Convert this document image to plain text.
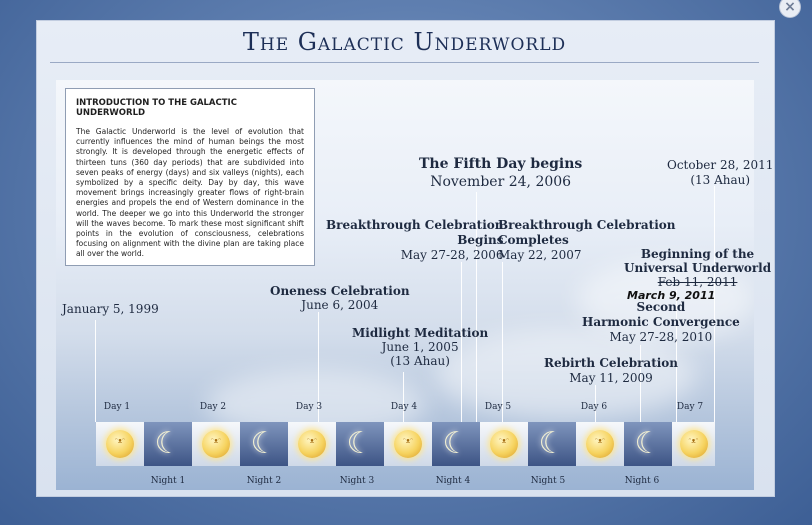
The Galactic Underworld
×
INTRODUCTION TO THE GALACTIC UNDERWORLD
The Galactic Underworld is the level of evolution that currently influences the mind of human beings the most strongly. It is developed through the energetic effects of thirteen tuns (360 day periods) that are subdivided into seven peaks of energy (days) and six valleys (nights), each symbolized by a specific deity. Day by day, this wave movement brings increasingly greater flows of right-brain energies and propels the end of Western dominance in the world. The deeper we go into this Underworld the stronger will the waves become. To mark these most significant shift points in the evolution of consciousness, celebrations focusing on alignment with the divine plan are taking place all over the world.
January 5, 1999
Oneness Celebration
June 6, 2004
Midlight Meditation
June 1, 2005
(13 Ahau)
Breakthrough Celebration
Begins
May 27-28, 2006
The Fifth Day begins
November 24, 2006
Breakthrough Celebration
Completes
May 22, 2007
Rebirth Celebration
May 11, 2009
Second
Harmonic Convergence
May 27-28, 2010
Beginning of the
Universal Underworld
Feb 11, 2011
March 9, 2011
October 28, 2011
(13 Ahau)
ᵔᴥᵔ
☾ ᵔᴥᵔ ☾ ᵔᴥᵔ ☾ ᵔᴥᵔ ☾ ᵔᴥᵔ ☾ ᵔᴥᵔ ☾
ᵔᴥᵔ
Day 1	Day 2	Day 3	Day 4	Day 5	Day 6	Day 7
Night 1	Night 2	Night 3	Night 4	Night 5	Night 6
